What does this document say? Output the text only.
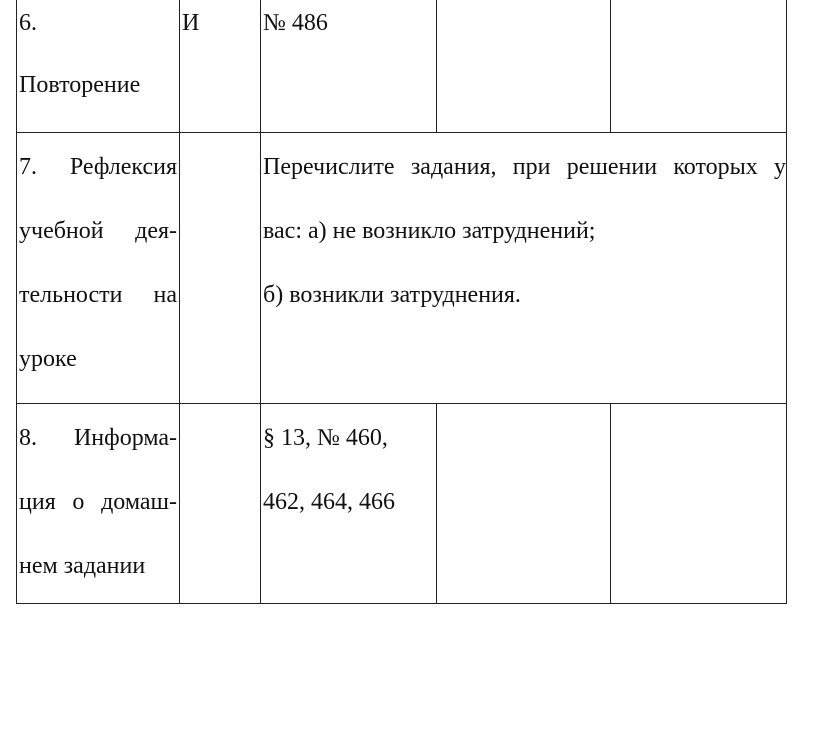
6.
Повторение	И	№ 486		

7. Рефлексия
учебной дея-
тельности на
уроке		Перечислите задания, при решении которых у
вас: а) не возникло затруднений;
б) возникли затруднения.		

8. Информа-
ция о домаш-
нем задании		§ 13, № 460,
462, 464, 466		
